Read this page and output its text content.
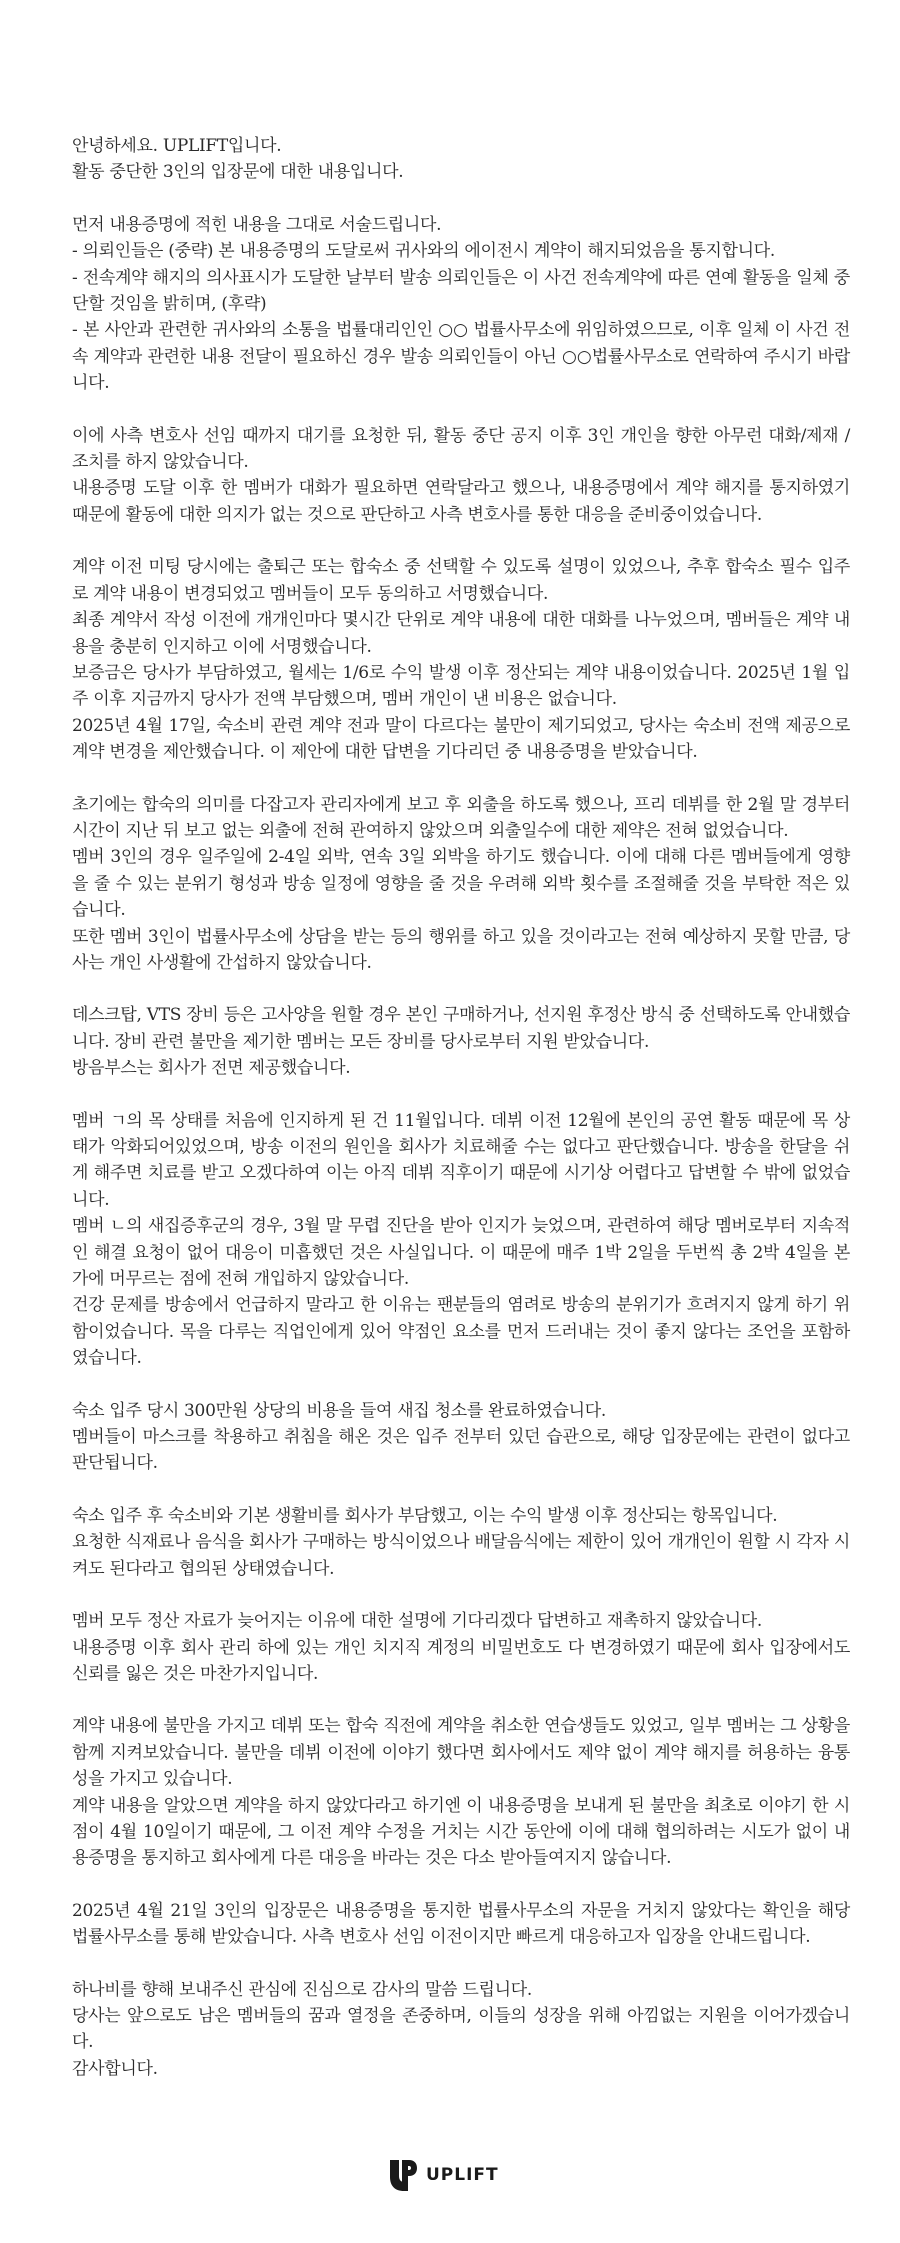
안녕하세요. UPLIFT입니다.
활동 중단한 3인의 입장문에 대한 내용입니다.
먼저 내용증명에 적힌 내용을 그대로 서술드립니다.
- 의뢰인들은 (중략) 본 내용증명의 도달로써 귀사와의 에이전시 계약이 해지되었음을 통지합니다.
- 전속계약 해지의 의사표시가 도달한 날부터 발송 의뢰인들은 이 사건 전속계약에 따른 연예 활동을 일체 중단할 것임을 밝히며, (후략)
- 본 사안과 관련한 귀사와의 소통을 법률대리인인 ○○ 법률사무소에 위임하였으므로, 이후 일체 이 사건 전속 계약과 관련한 내용 전달이 필요하신 경우 발송 의뢰인들이 아닌 ○○법률사무소로 연락하여 주시기 바랍니다.
이에 사측 변호사 선임 때까지 대기를 요청한 뒤, 활동 중단 공지 이후 3인 개인을 향한 아무런 대화/제재 / 조치를 하지 않았습니다.
내용증명 도달 이후 한 멤버가 대화가 필요하면 연락달라고 했으나, 내용증명에서 계약 해지를 통지하였기 때문에 활동에 대한 의지가 없는 것으로 판단하고 사측 변호사를 통한 대응을 준비중이었습니다.
계약 이전 미팅 당시에는 출퇴근 또는 합숙소 중 선택할 수 있도록 설명이 있었으나, 추후 합숙소 필수 입주로 계약 내용이 변경되었고 멤버들이 모두 동의하고 서명했습니다.
최종 계약서 작성 이전에 개개인마다 몇시간 단위로 계약 내용에 대한 대화를 나누었으며, 멤버들은 계약 내용을 충분히 인지하고 이에 서명했습니다.
보증금은 당사가 부담하였고, 월세는 1/6로 수익 발생 이후 정산되는 계약 내용이었습니다. 2025년 1월 입주 이후 지금까지 당사가 전액 부담했으며, 멤버 개인이 낸 비용은 없습니다.
2025년 4월 17일, 숙소비 관련 계약 전과 말이 다르다는 불만이 제기되었고, 당사는 숙소비 전액 제공으로 계약 변경을 제안했습니다. 이 제안에 대한 답변을 기다리던 중 내용증명을 받았습니다.
초기에는 합숙의 의미를 다잡고자 관리자에게 보고 후 외출을 하도록 했으나, 프리 데뷔를 한 2월 말 경부터 시간이 지난 뒤 보고 없는 외출에 전혀 관여하지 않았으며 외출일수에 대한 제약은 전혀 없었습니다.
멤버 3인의 경우 일주일에 2-4일 외박, 연속 3일 외박을 하기도 했습니다. 이에 대해 다른 멤버들에게 영향을 줄 수 있는 분위기 형성과 방송 일정에 영향을 줄 것을 우려해 외박 횟수를 조절해줄 것을 부탁한 적은 있습니다.
또한 멤버 3인이 법률사무소에 상담을 받는 등의 행위를 하고 있을 것이라고는 전혀 예상하지 못할 만큼, 당사는 개인 사생활에 간섭하지 않았습니다.
데스크탑, VTS 장비 등은 고사양을 원할 경우 본인 구매하거나, 선지원 후정산 방식 중 선택하도록 안내했습니다. 장비 관련 불만을 제기한 멤버는 모든 장비를 당사로부터 지원 받았습니다.
방음부스는 회사가 전면 제공했습니다.
멤버 ㄱ의 목 상태를 처음에 인지하게 된 건 11월입니다. 데뷔 이전 12월에 본인의 공연 활동 때문에 목 상태가 악화되어있었으며, 방송 이전의 원인을 회사가 치료해줄 수는 없다고 판단했습니다. 방송을 한달을 쉬게 해주면 치료를 받고 오겠다하여 이는 아직 데뷔 직후이기 때문에 시기상 어렵다고 답변할 수 밖에 없었습니다.
멤버 ㄴ의 새집증후군의 경우, 3월 말 무렵 진단을 받아 인지가 늦었으며, 관련하여 해당 멤버로부터 지속적인 해결 요청이 없어 대응이 미흡했던 것은 사실입니다. 이 때문에 매주 1박 2일을 두번씩 총 2박 4일을 본가에 머무르는 점에 전혀 개입하지 않았습니다.
건강 문제를 방송에서 언급하지 말라고 한 이유는 팬분들의 염려로 방송의 분위기가 흐려지지 않게 하기 위함이었습니다. 목을 다루는 직업인에게 있어 약점인 요소를 먼저 드러내는 것이 좋지 않다는 조언을 포함하였습니다.
숙소 입주 당시 300만원 상당의 비용을 들여 새집 청소를 완료하였습니다.
멤버들이 마스크를 착용하고 취침을 해온 것은 입주 전부터 있던 습관으로, 해당 입장문에는 관련이 없다고 판단됩니다.
숙소 입주 후 숙소비와 기본 생활비를 회사가 부담했고, 이는 수익 발생 이후 정산되는 항목입니다.
요청한 식재료나 음식을 회사가 구매하는 방식이었으나 배달음식에는 제한이 있어 개개인이 원할 시 각자 시켜도 된다라고 협의된 상태였습니다.
멤버 모두 정산 자료가 늦어지는 이유에 대한 설명에 기다리겠다 답변하고 재촉하지 않았습니다.
내용증명 이후 회사 관리 하에 있는 개인 치지직 계정의 비밀번호도 다 변경하였기 때문에 회사 입장에서도 신뢰를 잃은 것은 마찬가지입니다.
계약 내용에 불만을 가지고 데뷔 또는 합숙 직전에 계약을 취소한 연습생들도 있었고, 일부 멤버는 그 상황을 함께 지켜보았습니다. 불만을 데뷔 이전에 이야기 했다면 회사에서도 제약 없이 계약 해지를 허용하는 융통성을 가지고 있습니다.
계약 내용을 알았으면 계약을 하지 않았다라고 하기엔 이 내용증명을 보내게 된 불만을 최초로 이야기 한 시점이 4월 10일이기 때문에, 그 이전 계약 수정을 거치는 시간 동안에 이에 대해 협의하려는 시도가 없이 내용증명을 통지하고 회사에게 다른 대응을 바라는 것은 다소 받아들여지지 않습니다.
2025년 4월 21일 3인의 입장문은 내용증명을 통지한 법률사무소의 자문을 거치지 않았다는 확인을 해당 법률사무소를 통해 받았습니다. 사측 변호사 선임 이전이지만 빠르게 대응하고자 입장을 안내드립니다.
하나비를 향해 보내주신 관심에 진심으로 감사의 말씀 드립니다.
당사는 앞으로도 남은 멤버들의 꿈과 열정을 존중하며, 이들의 성장을 위해 아낌없는 지원을 이어가겠습니다.
감사합니다.
UPLIFT
